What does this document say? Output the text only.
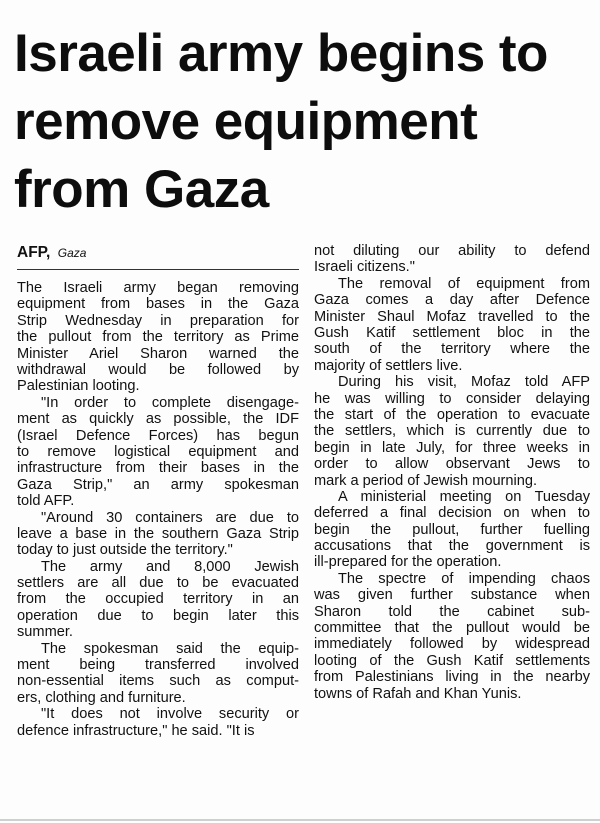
Israeli army begins to
remove equipment
from Gaza
AFP, Gaza
The Israeli army began removing
equipment from bases in the Gaza
Strip Wednesday in preparation for
the pullout from the territory as Prime
Minister Ariel Sharon warned the
withdrawal would be followed by
Palestinian looting.
"In order to complete disengage-
ment as quickly as possible, the IDF
(Israel Defence Forces) has begun
to remove logistical equipment and
infrastructure from their bases in the
Gaza Strip," an army spokesman
told AFP.
"Around 30 containers are due to
leave a base in the southern Gaza Strip
today to just outside the territory."
The army and 8,000 Jewish
settlers are all due to be evacuated
from the occupied territory in an
operation due to begin later this
summer.
The spokesman said the equip-
ment being transferred involved
non-essential items such as comput-
ers, clothing and furniture.
"It does not involve security or
defence infrastructure," he said. "It is
not diluting our ability to defend
Israeli citizens."
The removal of equipment from
Gaza comes a day after Defence
Minister Shaul Mofaz travelled to the
Gush Katif settlement bloc in the
south of the territory where the
majority of settlers live.
During his visit, Mofaz told AFP
he was willing to consider delaying
the start of the operation to evacuate
the settlers, which is currently due to
begin in late July, for three weeks in
order to allow observant Jews to
mark a period of Jewish mourning.
A ministerial meeting on Tuesday
deferred a final decision on when to
begin the pullout, further fuelling
accusations that the government is
ill-prepared for the operation.
The spectre of impending chaos
was given further substance when
Sharon told the cabinet sub-
committee that the pullout would be
immediately followed by widespread
looting of the Gush Katif settlements
from Palestinians living in the nearby
towns of Rafah and Khan Yunis.
